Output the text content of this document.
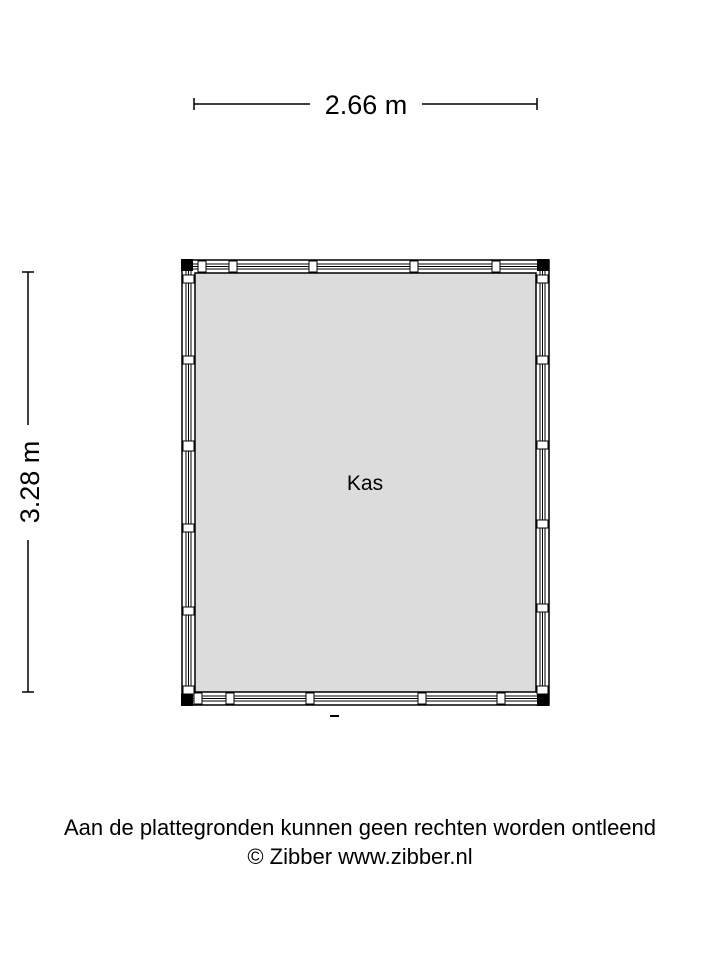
2.66 m
3.28 m	Kas
Aan de plattegronden kunnen geen rechten worden ontleend
© Zibber www.zibber.nl
